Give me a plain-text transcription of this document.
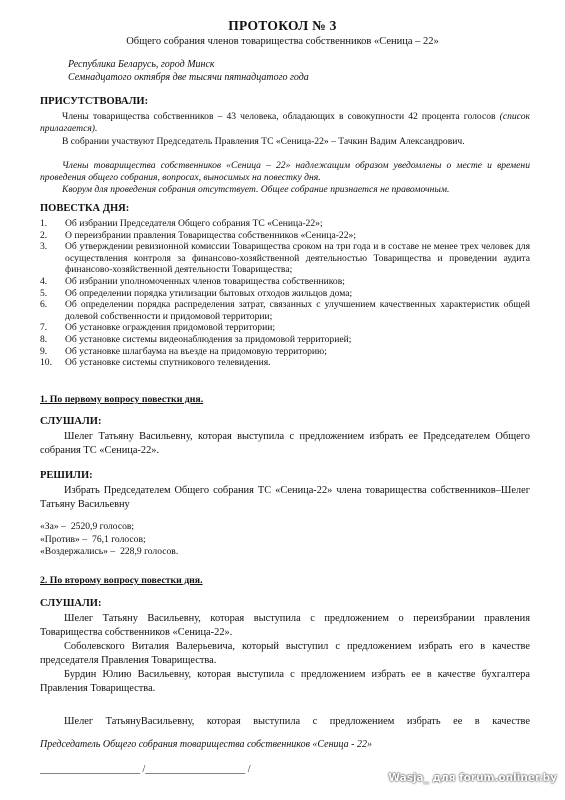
ПРОТОКОЛ № 3
Общего собрания членов товарищества собственников «Сеница – 22»
Республика Беларусь, город Минск
Семнадцатого октября две тысячи пятнадцатого года
ПРИСУТСТВОВАЛИ:
Члены товарищества собственников – 43 человека, обладающих в совокупности 42 процента голосов (список прилагается).
В собрании участвуют Председатель Правления ТС «Сеница-22» – Тачкин Вадим Александрович.
Члены товарищества собственников «Сеница – 22» надлежащим образом уведомлены о месте и времени проведения общего собрания, вопросах, выносимых на повестку дня.
Кворум для проведения собрания отсутствует. Общее собрание признается не правомочным.
ПОВЕСТКА ДНЯ:
1.	Об избрании Председателя Общего собрания ТС «Сеница-22»;
2.	О переизбрании правления Товарищества собственников «Сеница-22»;
3.	Об утверждении ревизионной комиссии Товарищества сроком на три года и в составе не менее трех человек для осуществления контроля за финансово-хозяйственной деятельностью Товарищества и проведении аудита финансово-хозяйственной деятельности Товарищества;
4.	Об избрании уполномоченных членов товарищества собственников;
5.	Об определении порядка утилизации бытовых отходов жильцов дома;
6.	Об определении порядка распределения затрат, связанных с улучшением качественных характеристик общей долевой собственности и придомовой территории;
7.	Об установке ограждения придомовой территории;
8.	Об установке системы видеонаблюдения за придомовой территорией;
9.	Об установке шлагбаума на въезде на придомовую территорию;
10.	Об установке системы спутникового телевидения.
1. По первому вопросу повестки дня.
СЛУШАЛИ:
Шелег Татьяну Васильевну, которая выступила с предложением избрать ее Председателем Общего собрания ТС «Сеница-22».
РЕШИЛИ:
Избрать Председателем Общего собрания ТС «Сеница-22» члена товарищества собственников–Шелег Татьяну Васильевну
«За» – 2520,9 голосов;
«Против» – 76,1 голосов;
«Воздержались» – 228,9 голосов.
2. По второму вопросу повестки дня.
СЛУШАЛИ:
Шелег Татьяну Васильевну, которая выступила с предложением о переизбрании правления Товарищества собственников «Сеница-22».
Соболевского Виталия Валерьевича, который выступил с предложением избрать его в качестве председателя Правления Товарищества.
Бурдин Юлию Васильевну, которая выступила с предложением избрать ее в качестве бухгалтера Правления Товарищества.
Шелег ТатьянуВасильевну, которая выступила с предложением избрать ее в качестве
Председатель Общего собрания товарищества собственников «Сеница - 22»
____________________ /____________________ /
Wasja_ для forum.onliner.by
